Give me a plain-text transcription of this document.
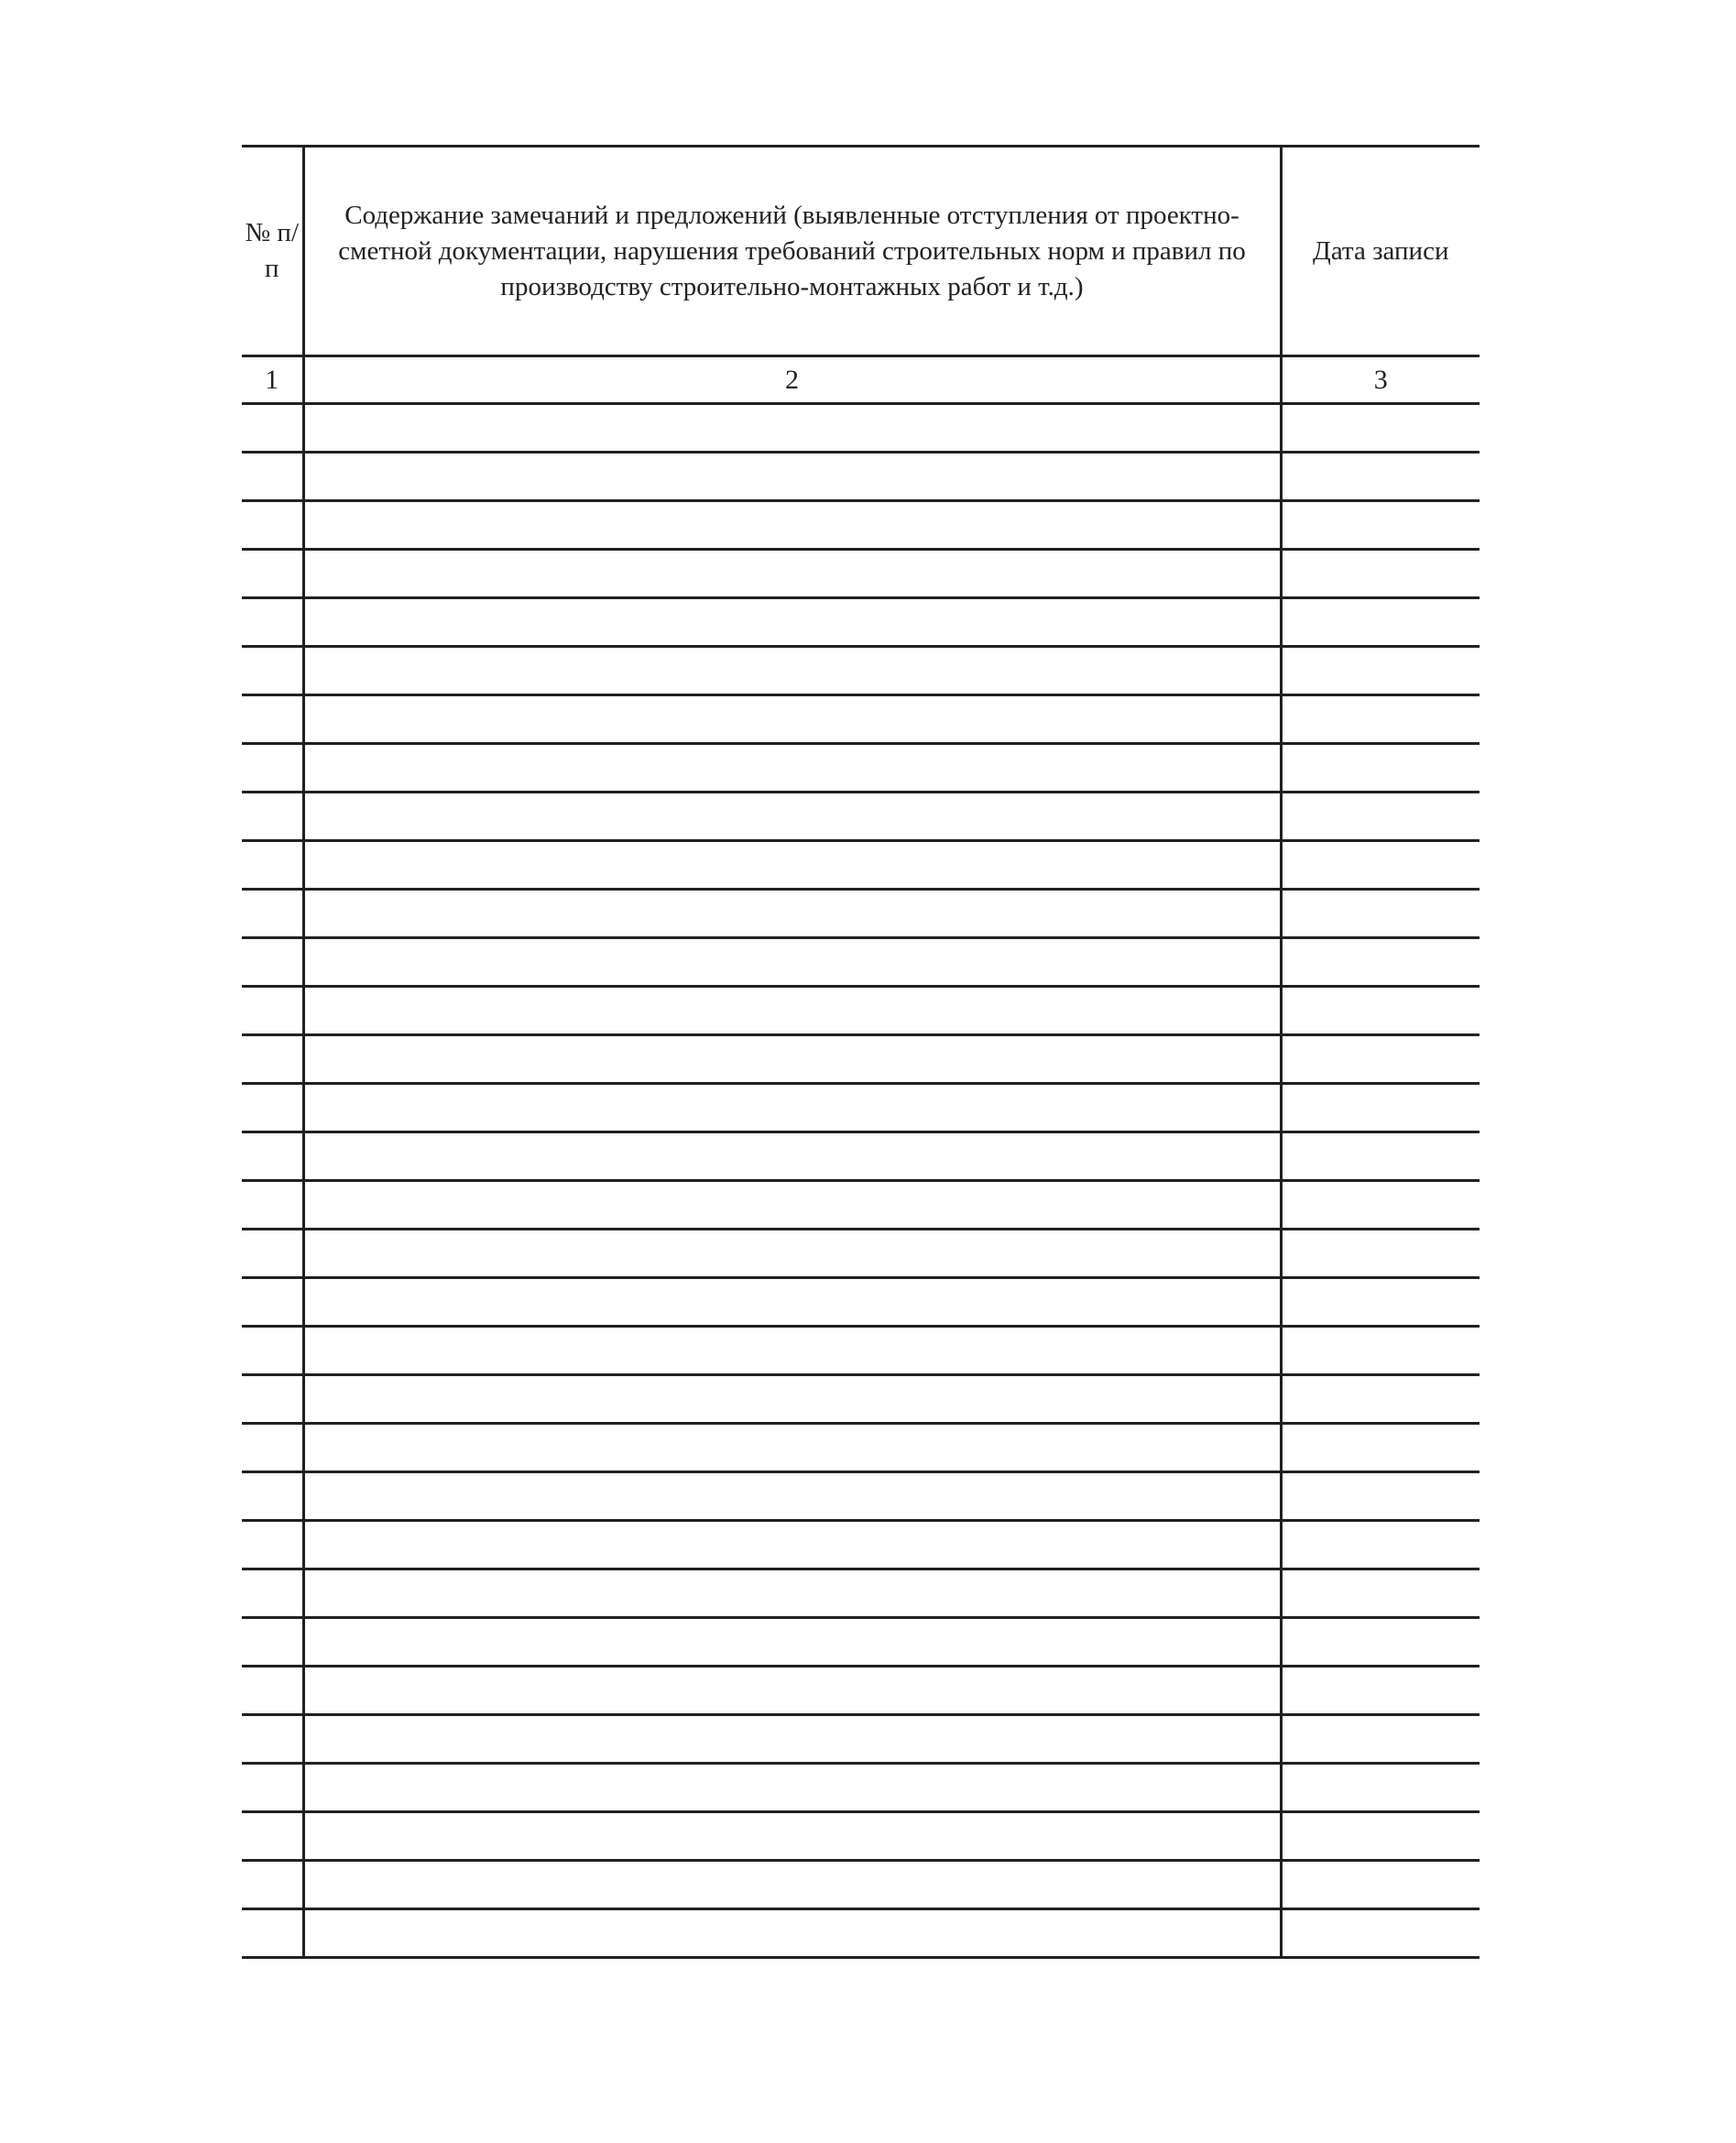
№ п/п	Содержание замечаний и предложений (выявленные отступления от проектно-сметной документации, нарушения требований строительных норм и правил по производству строительно-монтажных работ и т.д.)	Дата записи
1	2	3
